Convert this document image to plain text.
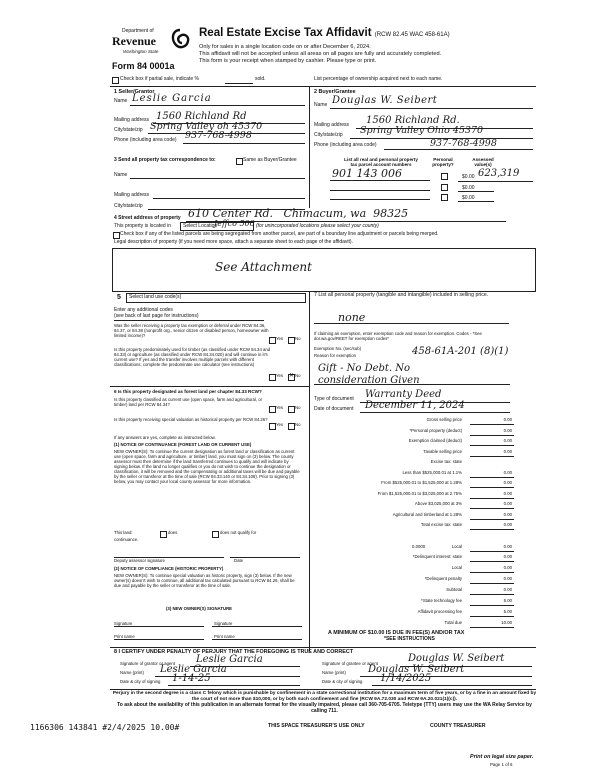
Department of
Revenue
Washington State
Form 84 0001a
Real Estate Excise Tax Affidavit (RCW 82.45 WAC 458-61A)
Only for sales in a single location code on or after December 6, 2024.
This affidavit will not be accepted unless all areas on all pages are fully and accurately completed.
This form is your receipt when stamped by cashier. Please type or print.
Check box if partial sale, indicate %	sold.	List percentage of ownership acquired next to each name.
1 Seller/Grantor
Name Leslie Garcia
Mailing address 1560 Richland Rd
City/state/zip Spring Valley oh 45370
Phone (including area code) 937-768-4998
2 Buyer/Grantee
Name Douglas W. Seibert
Mailing address 1560 Richland Rd.
City/state/zip Spring Valley Ohio 45370
Phone (including area code)	937-768-4998
3 Send all property tax correspondence to:	Same as Buyer/Grantee
Name
Mailing address
City/state/zip
List all real and personal property tax parcel account numbers
Personal property?
Assessed value(s)
901 143 006	$0.00 623,319
$0.00
$0.00
4 Street address of property 610 Center Rd.   Chimacum, wa  98325
This property is located in Select Location
Jeffco 500 (for unincorporated locations please select your county)
Check box if any of the listed parcels are being segregated from another parcel, are part of a boundary line adjustment or parcels being merged.
Legal description of property (if you need more space, attach a separate sheet to each page of the affidavit).
See Attachment
5 Select land use code(s)
Enter any additional codes
(see back of last page for instructions)
Was the seller receiving a property tax exemption or deferral under RCW 84.36, 84.37, or 84.38 (nonprofit org., senior citizen or disabled person, homeowner with limited income)?
Yes	No
Is this property predominately used for timber (as classified under RCW 84.34 and 84.33) or agriculture (as classified under RCW 84.34.020) and will continue in it's current use? If yes and the transfer involves multiple parcels with different classifications, complete the predominate use calculator (see instructions)
Yes ✕ No
6 Is this property designated as forest land per chapter 84.33 RCW?
Is this property classified as current use (open space, farm and agricultural, or timber) land per RCW 84.34?
Yes	No
Is this property receiving special valuation as historical property per RCW 84.26?
Yes	No
If any answers are yes, complete as instructed below.
(1) NOTICE OF CONTINUANCE (FOREST LAND OR CURRENT USE)
NEW OWNER(S): To continue the current designation as forest land or classification as current use (open space, farm and agriculture, or timber) land, you must sign on (3) below. The county assessor must then determine if the land transferred continues to qualify and will indicate by signing below. If the land no longer qualifies or you do not wish to continue the designation or classification, it will be removed and the compensating or additional taxes will be due and payable by the seller or transferor at the time of sale (RCW 84.33.140 or 84.34.108). Prior to signing (3) below, you may contact your local county assessor for more information.
This land:	does	does not qualify for
continuance.
Deputy assessor signature	Date
(2) NOTICE OF COMPLIANCE (HISTORIC PROPERTY)
NEW OWNER(S): To continue special valuation as historic property, sign (3) below. If the new owner(s) doesn't wish to continue, all additional tax calculated pursuant to RCW 84.26, shall be due and payable by the seller or transferor at the time of sale.
(3) NEW OWNER(S) SIGNATURE
Signature	Signature
Print name	Print name
7 List all personal property (tangible and intangible) included in selling price.
none
If claiming an exemption, enter exemption code and reason for exemption. Codes - *See dor.wa.gov/REET for exemption codes*
Exemption No. (sec/sub)
Reason for exemption	458-61A-201 (8)(1)
Gift - No Debt. No consideration Given
Type of document Warranty Deed
Date of document December 11, 2024
Gross selling price	0.00
*Personal property (deduct)	0.00
Exemption claimed (deduct)	0.00
Taxable selling price	0.00
Excise tax: state
Less than $525,000.01 at 1.1%	0.00
From $525,000.01 to $1,525,000 at 1.28%	0.00
From $1,525,000.01 to $3,025,000 at 2.75%	0.00
Above $3,025,000 at 3%	0.00
Agricultural and timberland at 1.28%	0.00
Total excise tax: state	0.00
0.0000	Local	0.00
*Delinquent interest: state	0.00
Local	0.00
*Delinquent penalty	0.00
Subtotal	0.00
*State technology fee	5.00
Affidavit processing fee	5.00
Total due	10.00
A MINIMUM OF $10.00 IS DUE IN FEE(S) AND/OR TAX
*SEE INSTRUCTIONS
8 I CERTIFY UNDER PENALTY OF PERJURY THAT THE FOREGOING IS TRUE AND CORRECT
Signature of grantor or agent Leslie Garcia
Name (print) Leslie Garcia
Date & city of signing 1-14-25
Signature of grantee or agent	Douglas W. Seibert
Name (print) Douglas W. Seibert
Date & city of signing 1/14/2025
Perjury in the second degree is a class C felony which is punishable by confinement in a state correctional institution for a maximum term of five years, or by a fine in an amount fixed by the court of not more than $10,000, or by both such confinement and fine (RCW 9A.72.030 and RCW 9A.20.021(1)(c)).
To ask about the availability of this publication in an alternate format for the visually impaired, please call 360-705-6705. Teletype (TTY) users may use the WA Relay Service by calling 711.
1166306 143841 #2/4/2025 10.00#	THIS SPACE TREASURER'S USE ONLY	COUNTY TREASURER
Print on legal size paper.
Page 1 of 6
